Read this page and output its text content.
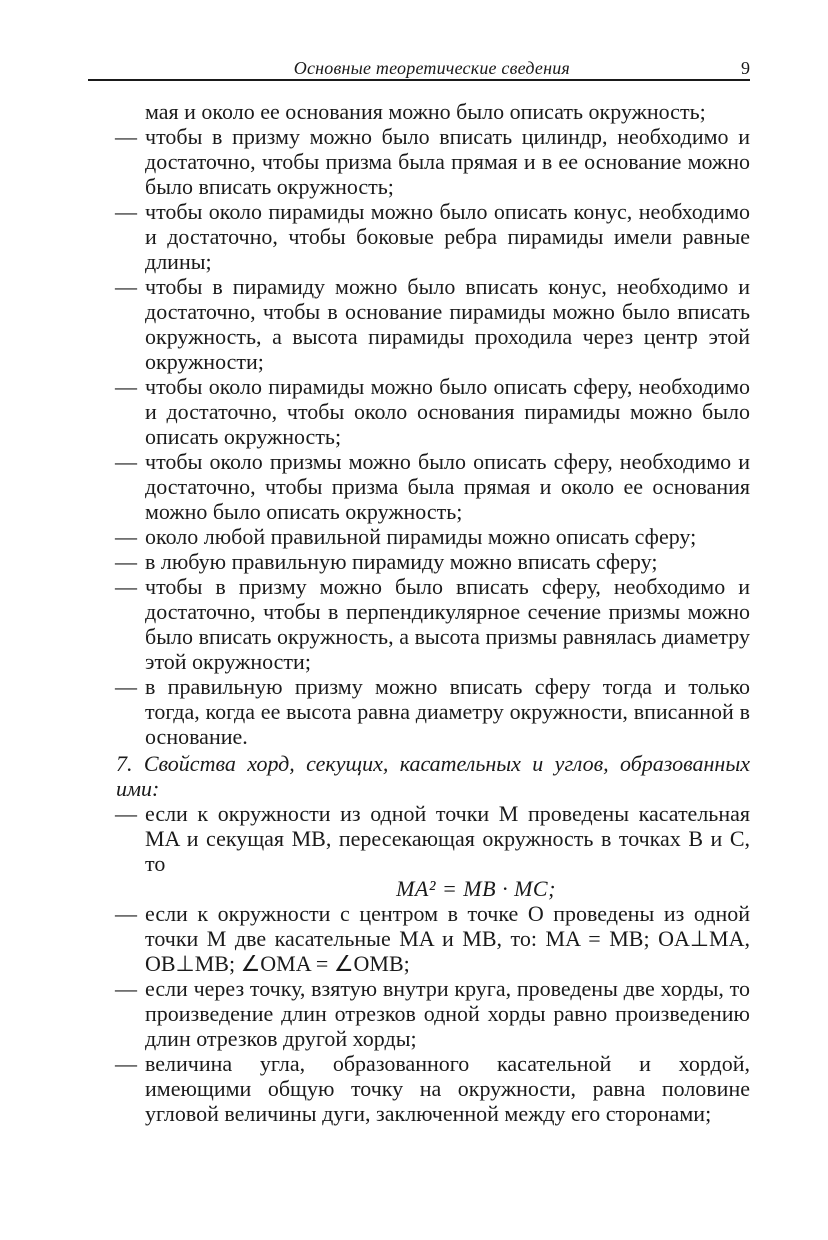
Основные теоретические сведения	9

мая и около ее основания можно было описать окружность;

— чтобы в призму можно было вписать цилиндр, необходимо и достаточно, чтобы призма была прямая и в ее основание можно было вписать окружность;
— чтобы около пирамиды можно было описать конус, необходимо и достаточно, чтобы боковые ребра пирамиды имели равные длины;
— чтобы в пирамиду можно было вписать конус, необходимо и достаточно, чтобы в основание пирамиды можно было вписать окружность, а высота пирамиды проходила через центр этой окружности;
— чтобы около пирамиды можно было описать сферу, необходимо и достаточно, чтобы около основания пирамиды можно было описать окружность;
— чтобы около призмы можно было описать сферу, необходимо и достаточно, чтобы призма была прямая и около ее основания можно было описать окружность;
— около любой правильной пирамиды можно описать сферу;
— в любую правильную пирамиду можно вписать сферу;
— чтобы в призму можно было вписать сферу, необходимо и достаточно, чтобы в перпендикулярное сечение призмы можно было вписать окружность, а высота призмы равнялась диаметру этой окружности;
— в правильную призму можно вписать сферу тогда и только тогда, когда ее высота равна диаметру окружности, вписанной в основание.

7. Свойства хорд, секущих, касательных и углов, образованных ими:

— если к окружности из одной точки M проведены касательная MA и секущая MB, пересекающая окружность в точках B и C, то
MA² = MB · MC;
— если к окружности с центром в точке O проведены из одной точки M две касательные MA и MB, то: MA = MB; OA⊥MA, OB⊥MB; ∠OMA = ∠OMB;
— если через точку, взятую внутри круга, проведены две хорды, то произведение длин отрезков одной хорды равно произведению длин отрезков другой хорды;
— величина угла, образованного касательной и хордой, имеющими общую точку на окружности, равна половине угловой величины дуги, заключенной между его сторонами;
